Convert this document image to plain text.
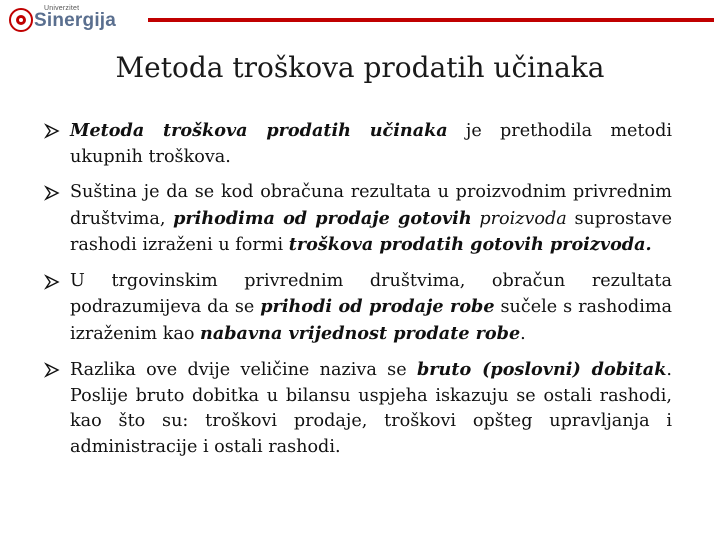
Univerzitet
Sinergija
Metoda troškova prodatih učinaka
Metoda troškova prodatih učinaka je prethodila metodi ukupnih troškova.
Suština je da se kod obračuna rezultata u proizvodnim privrednim društvima, prihodima od prodaje gotovih proizvoda suprostave rashodi izraženi u formi troškova prodatih gotovih proizvoda.
U trgovinskim privrednim društvima, obračun rezultata podrazumijeva da se prihodi od prodaje robe sučele s rashodima izraženim kao nabavna vrijednost prodate robe.
Razlika ove dvije veličine naziva se bruto (poslovni) dobitak. Poslije bruto dobitka u bilansu uspjeha iskazuju se ostali rashodi, kao što su: troškovi prodaje, troškovi opšteg upravljanja i administracije i ostali rashodi.
